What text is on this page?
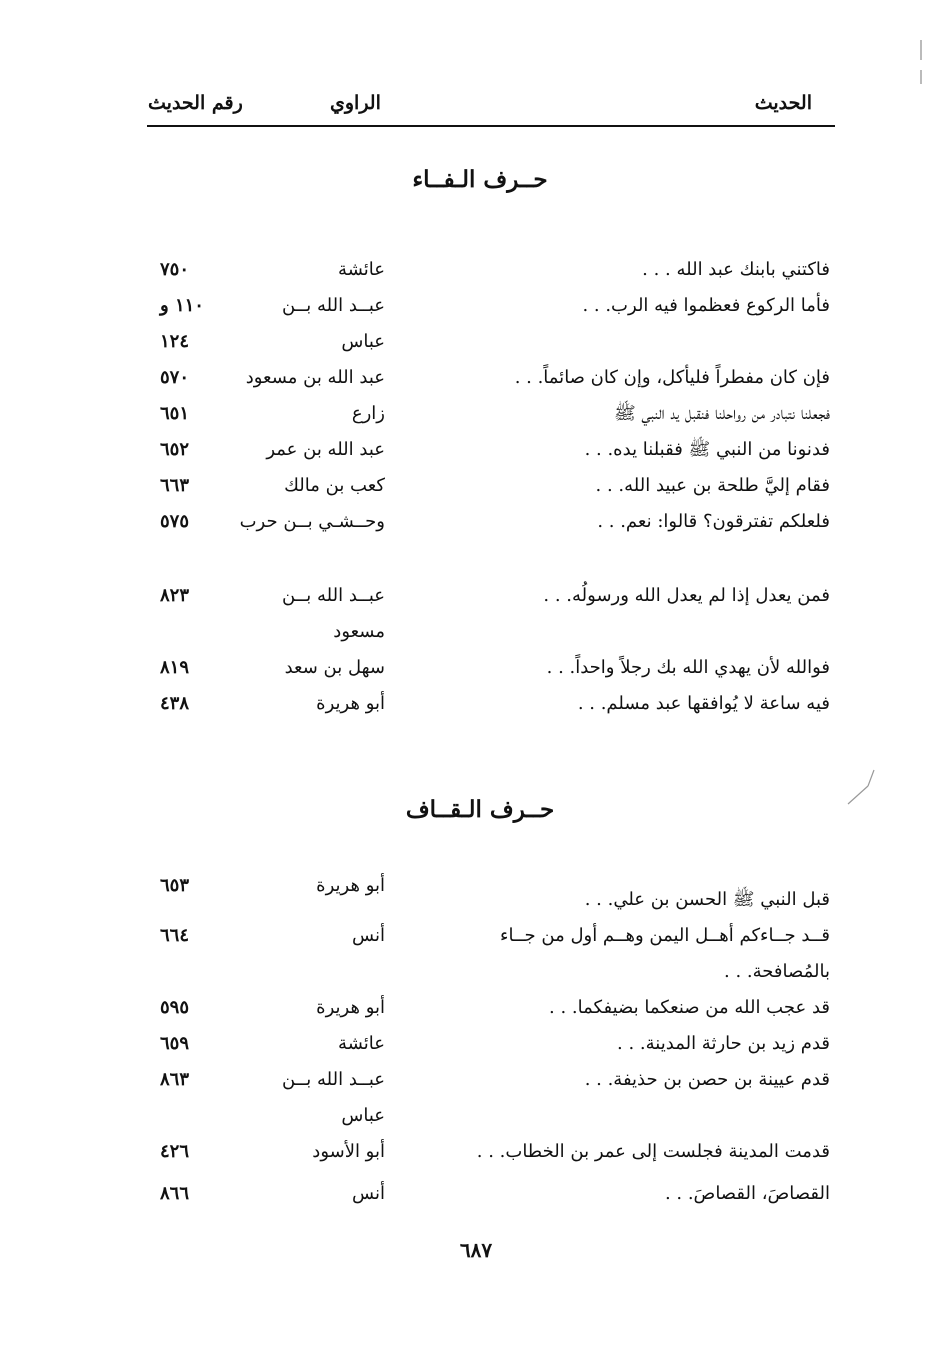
الحديث
الراوي
رقم الحديث
حــرف الـفــاء
فاكتني بابنك عبد الله . . .
عائشة
٧٥٠
فأما الركوع فعظموا فيه الرب. . .
عبــد الله بــن عباس
١١٠ و ١٢٤
فإن كان مفطراً فليأكل، وإن كان صائماً. . .
عبد الله بن مسعود
٥٧٠
فجعلنا نتبادر من رواحلنا فنقبل يد النبي ﷺ
زارع
٦٥١
فدنونا من النبي ﷺ فقبلنا يده. . .
عبد الله بن عمر
٦٥٢
فقام إليَّ طلحة بن عبيد الله. . .
كعب بن مالك
٦٦٣
فلعلكم تفترقون؟ قالوا: نعم. . .
وحــشـي بــن حرب
٥٧٥
فمن يعدل إذا لم يعدل الله ورسولُه. . .
عبــد الله بــن مسعود
٨٢٣
فوالله لأن يهدي الله بك رجلاً واحداً. . .
سهل بن سعد
٨١٩
فيه ساعة لا يُوافقها عبد مسلم. . .
أبو هريرة
٤٣٨
حــرف الـقــاف
قبل النبي ﷺ الحسن بن علي. . .
أبو هريرة
٦٥٣
قــد جــاءكم أهــل اليمن وهــم أول من جــاء بالمُصافحة. . .
أنس
٦٦٤
قد عجب الله من صنعكما بضيفكما. . .
أبو هريرة
٥٩٥
قدم زيد بن حارثة المدينة. . .
عائشة
٦٥٩
قدم عيينة بن حصن بن حذيفة. . .
عبــد الله بــن عباس
٨٦٣
قدمت المدينة فجلست إلى عمر بن الخطاب. . .
أبو الأسود
٤٢٦
القصاصَ، القصاصَ. . .
أنس
٨٦٦
٦٨٧
